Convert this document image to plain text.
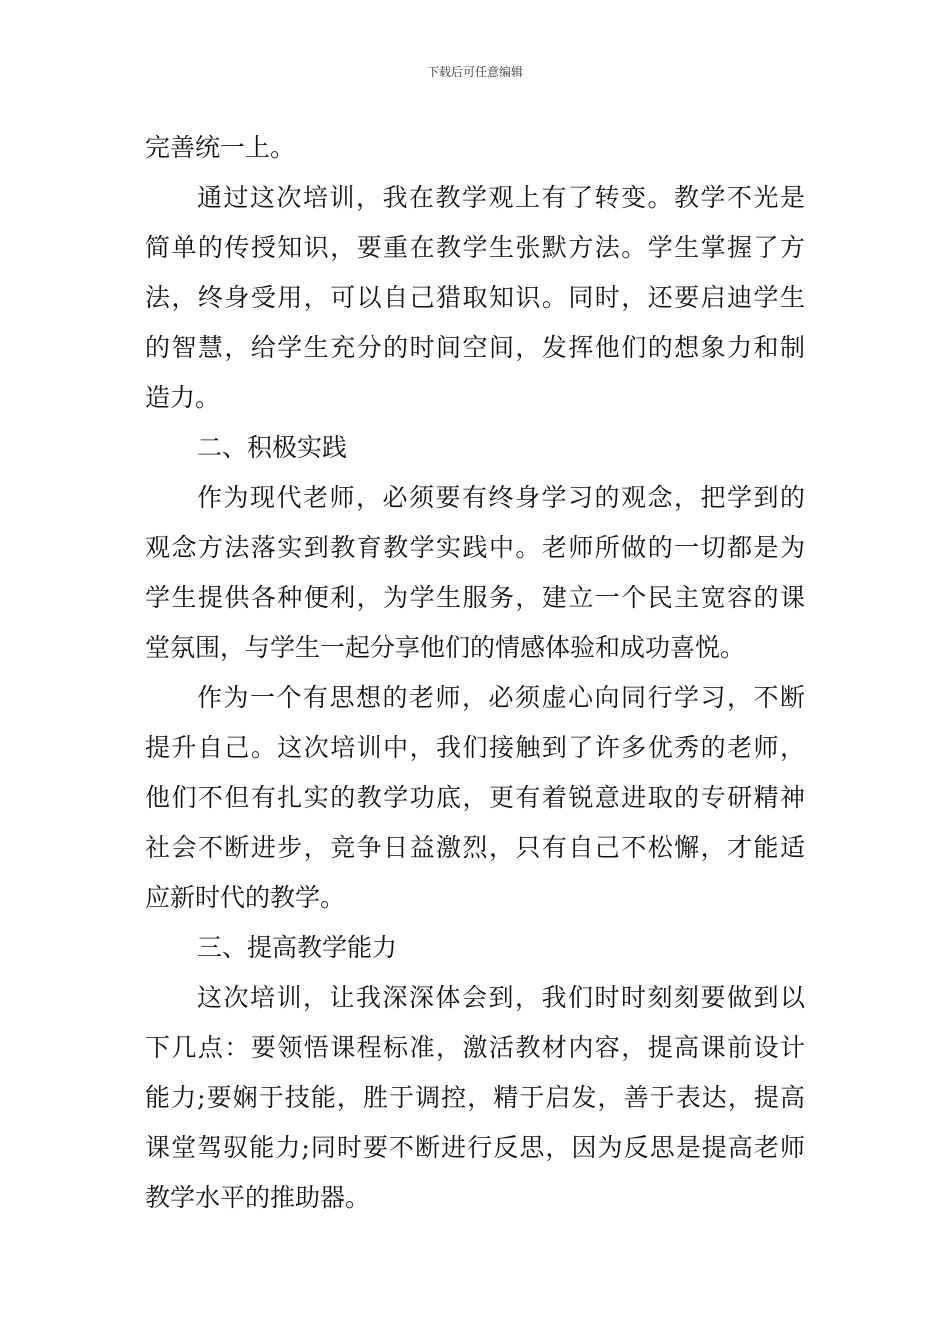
下载后可任意编辑
完善统一上。
通过这次培训，我在教学观上有了转变。教学不光是
简单的传授知识，要重在教学生张默方法。学生掌握了方
法，终身受用，可以自己猎取知识。同时，还要启迪学生
的智慧，给学生充分的时间空间，发挥他们的想象力和制
造力。
二、积极实践
作为现代老师，必须要有终身学习的观念，把学到的
观念方法落实到教育教学实践中。老师所做的一切都是为
学生提供各种便利，为学生服务，建立一个民主宽容的课
堂氛围，与学生一起分享他们的情感体验和成功喜悦。
作为一个有思想的老师，必须虚心向同行学习，不断
提升自己。这次培训中，我们接触到了许多优秀的老师，
他们不但有扎实的教学功底，更有着锐意进取的专研精神
社会不断进步，竞争日益激烈，只有自己不松懈，才能适
应新时代的教学。
三、提高教学能力
这次培训，让我深深体会到，我们时时刻刻要做到以
下几点：要领悟课程标准，激活教材内容，提高课前设计
能力;要娴于技能，胜于调控，精于启发，善于表达，提高
课堂驾驭能力;同时要不断进行反思，因为反思是提高老师
教学水平的推助器。
